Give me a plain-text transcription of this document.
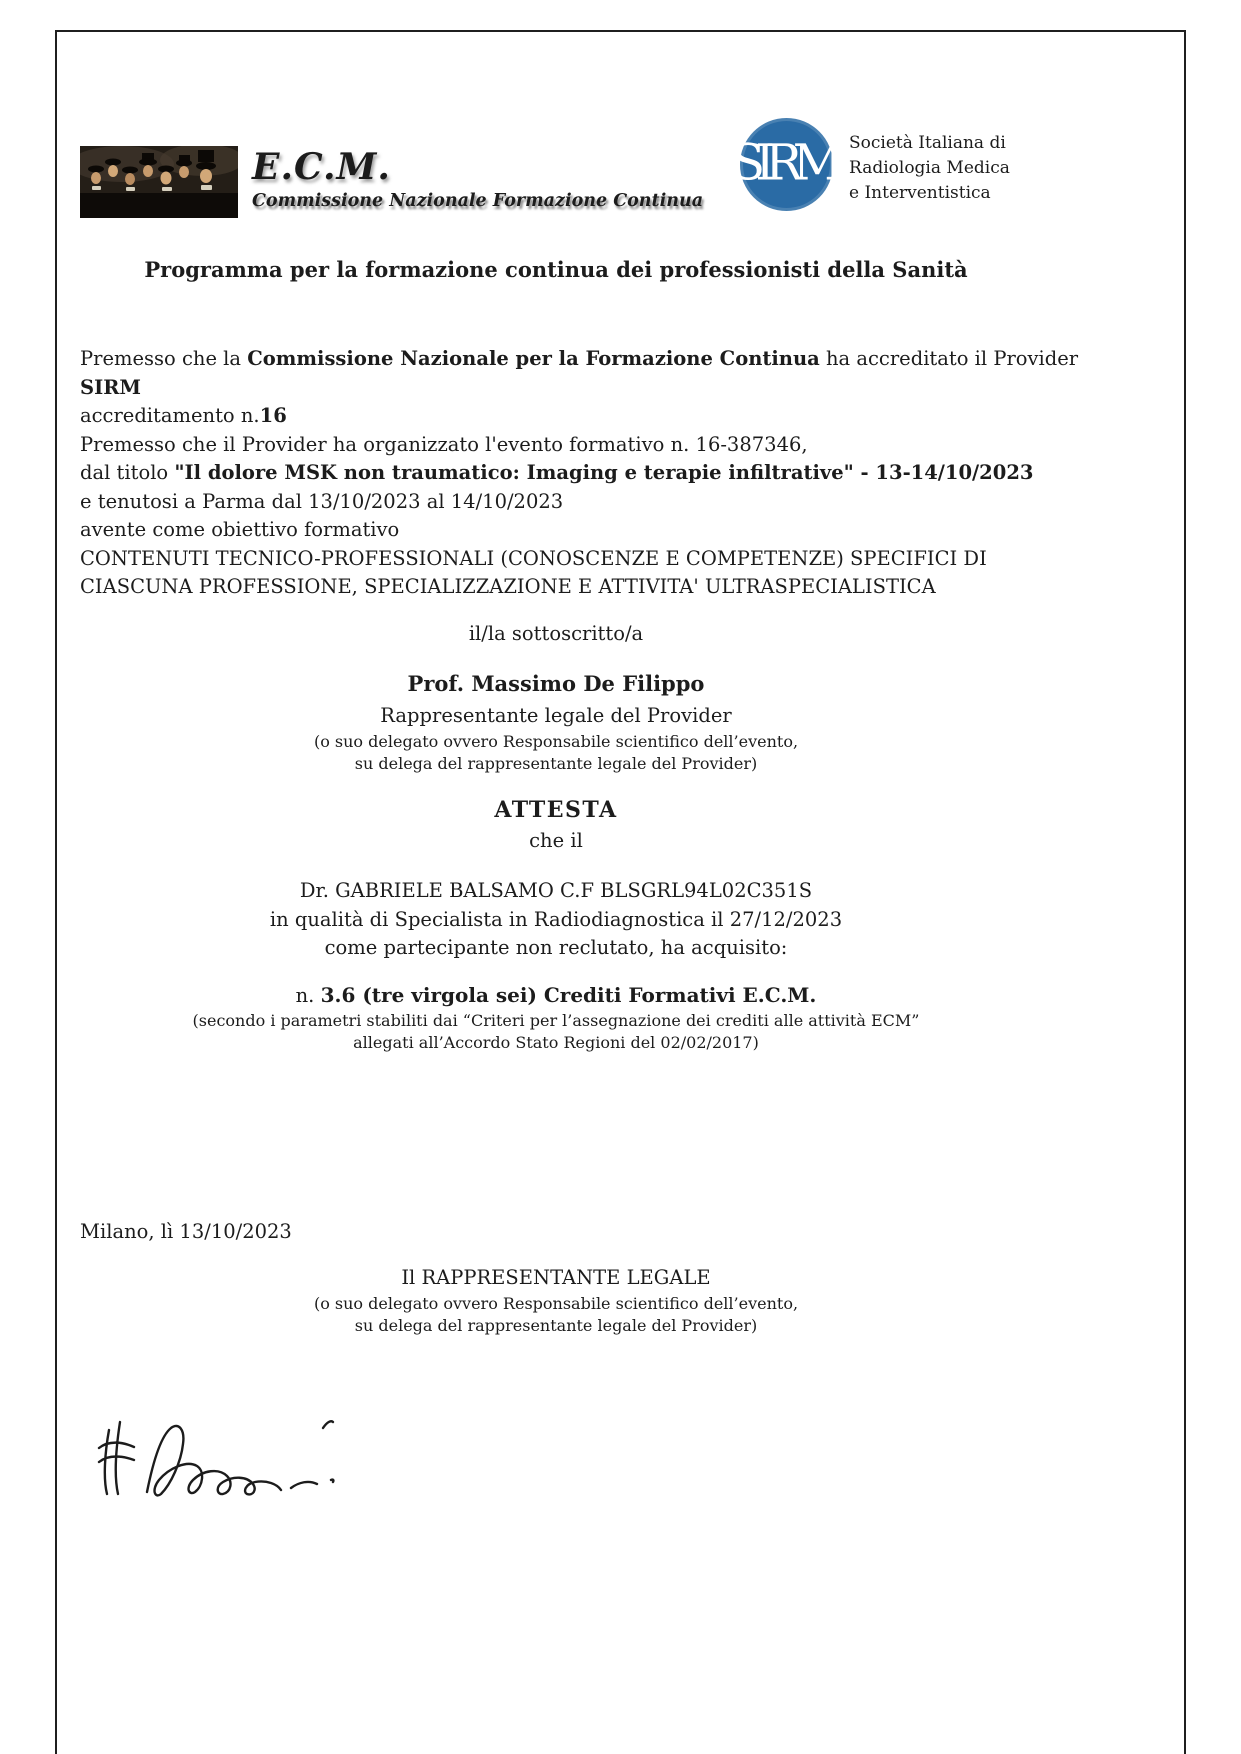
E.C.M.
Commissione Nazionale Formazione Continua
SIRM Società Italiana di
Radiologia Medica
e Interventistica
Programma per la formazione continua dei professionisti della Sanità
Premesso che la Commissione Nazionale per la Formazione Continua ha accreditato il Provider
SIRM
accreditamento n.16
Premesso che il Provider ha organizzato l'evento formativo n. 16-387346,
dal titolo "Il dolore MSK non traumatico: Imaging e terapie infiltrative" - 13-14/10/2023
e tenutosi a Parma dal 13/10/2023 al 14/10/2023
avente come obiettivo formativo
CONTENUTI TECNICO-PROFESSIONALI (CONOSCENZE E COMPETENZE) SPECIFICI DI
CIASCUNA PROFESSIONE, SPECIALIZZAZIONE E ATTIVITA' ULTRASPECIALISTICA
il/la sottoscritto/a
Prof. Massimo De Filippo
Rappresentante legale del Provider
(o suo delegato ovvero Responsabile scientifico dell’evento,
su delega del rappresentante legale del Provider)
ATTESTA
che il
Dr. GABRIELE BALSAMO C.F BLSGRL94L02C351S
in qualità di Specialista in Radiodiagnostica il 27/12/2023
come partecipante non reclutato, ha acquisito:
n. 3.6 (tre virgola sei) Crediti Formativi E.C.M.
(secondo i parametri stabiliti dai “Criteri per l’assegnazione dei crediti alle attività ECM”
allegati all’Accordo Stato Regioni del 02/02/2017)
Milano, lì 13/10/2023
Il RAPPRESENTANTE LEGALE
(o suo delegato ovvero Responsabile scientifico dell’evento,
su delega del rappresentante legale del Provider)
